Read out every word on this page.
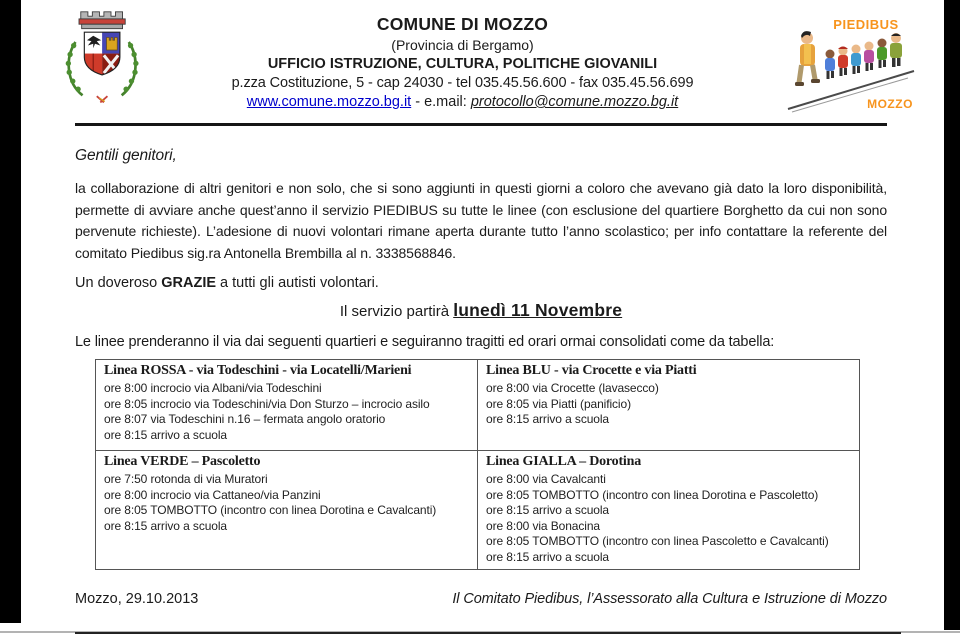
COMUNE DI MOZZO
(Provincia di Bergamo)
UFFICIO ISTRUZIONE, CULTURA, POLITICHE GIOVANILI
p.zza Costituzione, 5 - cap 24030 - tel 035.45.56.600 - fax 035.45.56.699
www.comune.mozzo.bg.it - e.mail: protocollo@comune.mozzo.bg.it
PIEDIBUS
MOZZO

Gentili genitori,

la collaborazione di altri genitori e non solo, che si sono aggiunti in questi giorni a coloro che avevano già dato la loro disponibilità, permette di avviare anche quest’anno il servizio PIEDIBUS su tutte le linee (con esclusione del quartiere Borghetto da cui non sono pervenute richieste). L’adesione di nuovi volontari rimane aperta durante tutto l’anno scolastico; per info contattare la referente del comitato Piedibus sig.ra Antonella Brembilla al n. 3338568846.

Un doveroso GRAZIE a tutti gli autisti volontari.

Il servizio partirà lunedì 11 Novembre

Le linee prenderanno il via dai seguenti quartieri e seguiranno tragitti ed orari ormai consolidati come da tabella:

Linea ROSSA - via Todeschini - via Locatelli/Marieni
ore 8:00 incrocio via Albani/via Todeschini
ore 8:05 incrocio via Todeschini/via Don Sturzo – incrocio asilo
ore 8:07 via Todeschini n.16 – fermata angolo oratorio
ore 8:15 arrivo a scuola

Linea BLU - via Crocette e via Piatti
ore 8:00 via Crocette (lavasecco)
ore 8:05 via Piatti (panificio)
ore 8:15 arrivo a scuola

Linea VERDE – Pascoletto
ore 7:50 rotonda di via Muratori
ore 8:00 incrocio via Cattaneo/via Panzini
ore 8:05 TOMBOTTO (incontro con linea Dorotina e Cavalcanti)
ore 8:15 arrivo a scuola

Linea GIALLA – Dorotina
ore 8:00 via Cavalcanti
ore 8:05 TOMBOTTO (incontro con linea Dorotina e Pascoletto)
ore 8:15 arrivo a scuola
ore 8:00 via Bonacina
ore 8:05 TOMBOTTO (incontro con linea Pascoletto e Cavalcanti)
ore 8:15 arrivo a scuola
Mozzo, 29.10.2013	Il Comitato Piedibus, l’Assessorato alla Cultura e Istruzione di Mozzo
